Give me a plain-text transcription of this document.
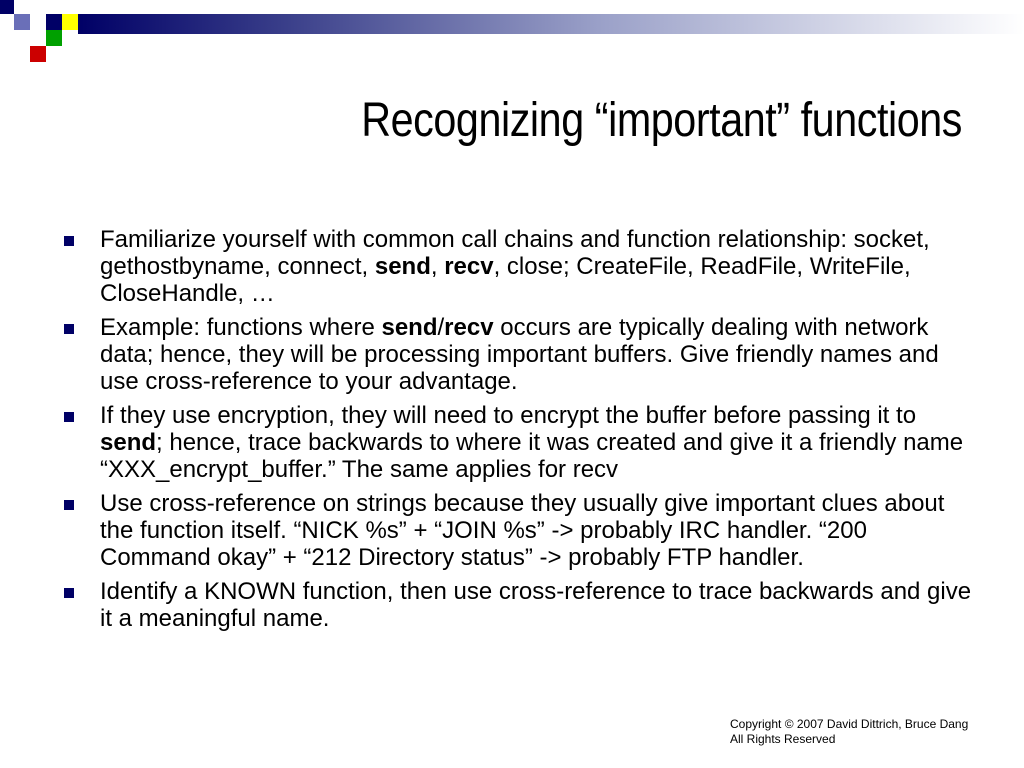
Recognizing “important” functions
Familiarize yourself with common call chains and function relationship: socket, gethostbyname, connect, send, recv, close; CreateFile, ReadFile, WriteFile, CloseHandle, …
Example: functions where send/recv occurs are typically dealing with network data; hence, they will be processing important buffers. Give friendly names and use cross-reference to your advantage.
If they use encryption, they will need to encrypt the buffer before passing it to send; hence, trace backwards to where it was created and give it a friendly name “XXX_encrypt_buffer.” The same applies for recv
Use cross-reference on strings because they usually give important clues about the function itself. “NICK %s” + “JOIN %s” -> probably IRC handler. “200 Command okay” + “212 Directory status” -> probably FTP handler.
Identify a KNOWN function, then use cross-reference to trace backwards and give it a meaningful name.
Copyright © 2007 David Dittrich, Bruce Dang
All Rights Reserved
